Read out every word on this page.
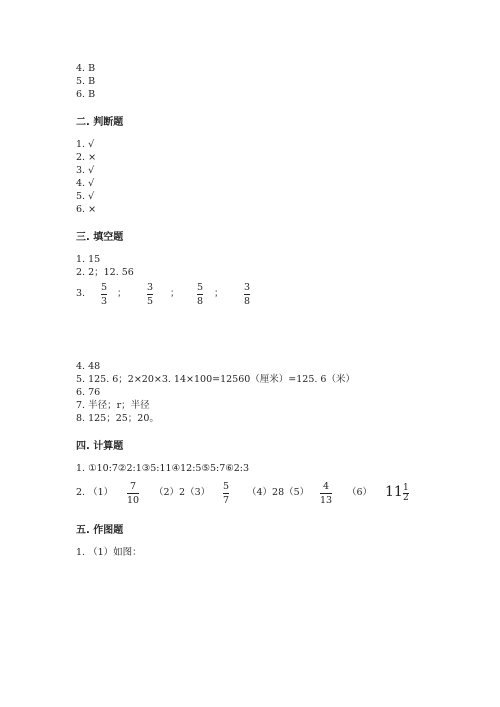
4. B
5. B
6. B
二. 判断题
1. √
2. ×
3. √
4. √
5. √
6. ×
三. 填空题
1. 15
2. 2；12. 56
3.
5
3
；
3
5
；
5
8
；
3
8
4. 48
5. 125. 6；2×20×3. 14×100=12560（厘米）=125. 6（米）
6. 76
7. 半径；r；半径
8. 125；25；20。
四. 计算题
1. ①10:7②2:1③5:11④12:5⑤5:7⑥2:3
2. （1）
7
10
（2）2（3）
5
7
（4）28（5）
4
13
（6） 11 1
2
五. 作图题
1. （1）如图：
